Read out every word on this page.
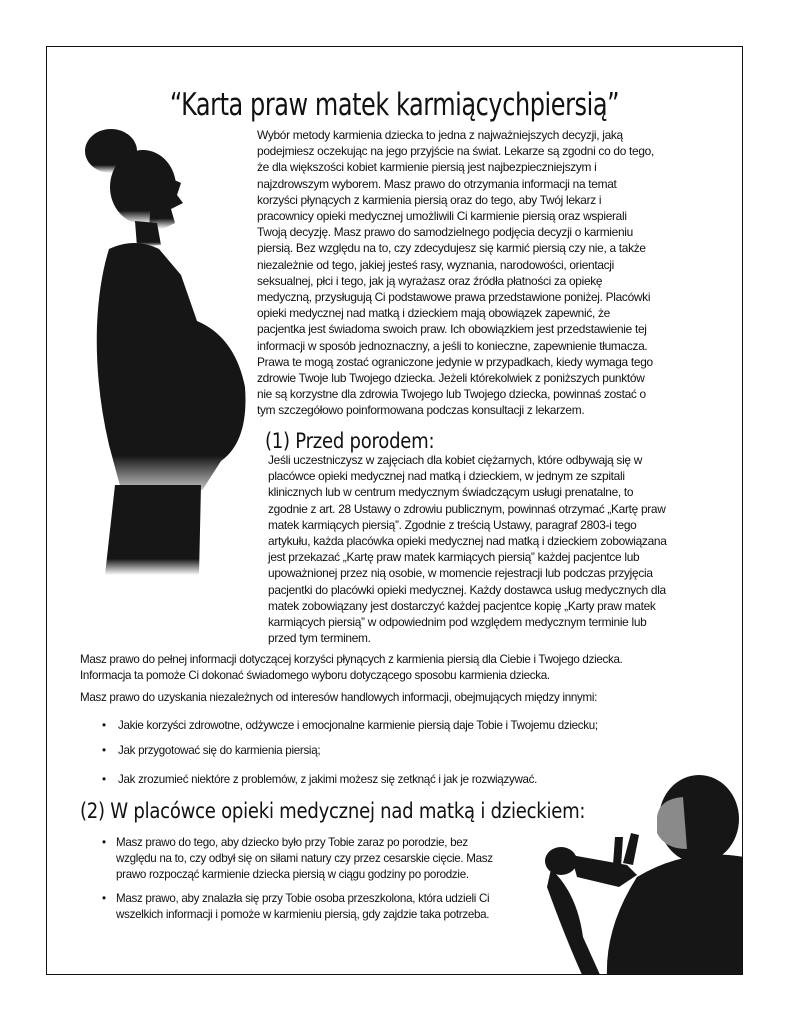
“Karta praw matek karmiącychpiersią”

Wybór metody karmienia dziecka to jedna z najważniejszych decyzji, jaką podejmiesz oczekując na jego przyjście na świat. Lekarze są zgodni co do tego, że dla większości kobiet karmienie piersią jest najbezpieczniejszym i najzdrowszym wyborem. Masz prawo do otrzymania informacji na temat korzyści płynących z karmienia piersią oraz do tego, aby Twój lekarz i pracownicy opieki medycznej umożliwili Ci karmienie piersią oraz wspierali Twoją decyzję. Masz prawo do samodzielnego podjęcia decyzji o karmieniu piersią. Bez względu na to, czy zdecydujesz się karmić piersią czy nie, a także niezależnie od tego, jakiej jesteś rasy, wyznania, narodowości, orientacji seksualnej, płci i tego, jak ją wyrażasz oraz źródła płatności za opiekę medyczną, przysługują Ci podstawowe prawa przedstawione poniżej. Placówki opieki medycznej nad matką i dzieckiem mają obowiązek zapewnić, że pacjentka jest świadoma swoich praw. Ich obowiązkiem jest przedstawienie tej informacji w sposób jednoznaczny, a jeśli to konieczne, zapewnienie tłumacza. Prawa te mogą zostać ograniczone jedynie w przypadkach, kiedy wymaga tego zdrowie Twoje lub Twojego dziecka. Jeżeli którekolwiek z poniższych punktów nie są korzystne dla zdrowia Twojego lub Twojego dziecka, powinnaś zostać o tym szczegółowo poinformowana podczas konsultacji z lekarzem.

(1) Przed porodem:

Jeśli uczestniczysz w zajęciach dla kobiet ciężarnych, które odbywają się w placówce opieki medycznej nad matką i dzieckiem, w jednym ze szpitali klinicznych lub w centrum medycznym świadczącym usługi prenatalne, to zgodnie z art. 28 Ustawy o zdrowiu publicznym, powinnaś otrzymać „Kartę praw matek karmiących piersią”. Zgodnie z treścią Ustawy, paragraf 2803-i tego artykułu, każda placówka opieki medycznej nad matką i dzieckiem zobowiązana jest przekazać „Kartę praw matek karmiących piersią” każdej pacjentce lub upoważnionej przez nią osobie, w momencie rejestracji lub podczas przyjęcia pacjentki do placówki opieki medycznej. Każdy dostawca usług medycznych dla matek zobowiązany jest dostarczyć każdej pacjentce kopię „Karty praw matek karmiących piersią” w odpowiednim pod względem medycznym terminie lub przed tym terminem.

Masz prawo do pełnej informacji dotyczącej korzyści płynących z karmienia piersią dla Ciebie i Twojego dziecka. Informacja ta pomoże Ci dokonać świadomego wyboru dotyczącego sposobu karmienia dziecka.

Masz prawo do uzyskania niezależnych od interesów handlowych informacji, obejmujących między innymi:

• Jakie korzyści zdrowotne, odżywcze i emocjonalne karmienie piersią daje Tobie i Twojemu dziecku;
• Jak przygotować się do karmienia piersią;
• Jak zrozumieć niektóre z problemów, z jakimi możesz się zetknąć i jak je rozwiązywać.
(2) W placówce opieki medycznej nad matką i dzieckiem:
• Masz prawo do tego, aby dziecko było przy Tobie zaraz po porodzie, bez względu na to, czy odbył się on siłami natury czy przez cesarskie cięcie. Masz prawo rozpocząć karmienie dziecka piersią w ciągu godziny po porodzie.
• Masz prawo, aby znalazła się przy Tobie osoba przeszkolona, która udzieli Ci wszelkich informacji i pomoże w karmieniu piersią, gdy zajdzie taka potrzeba.
